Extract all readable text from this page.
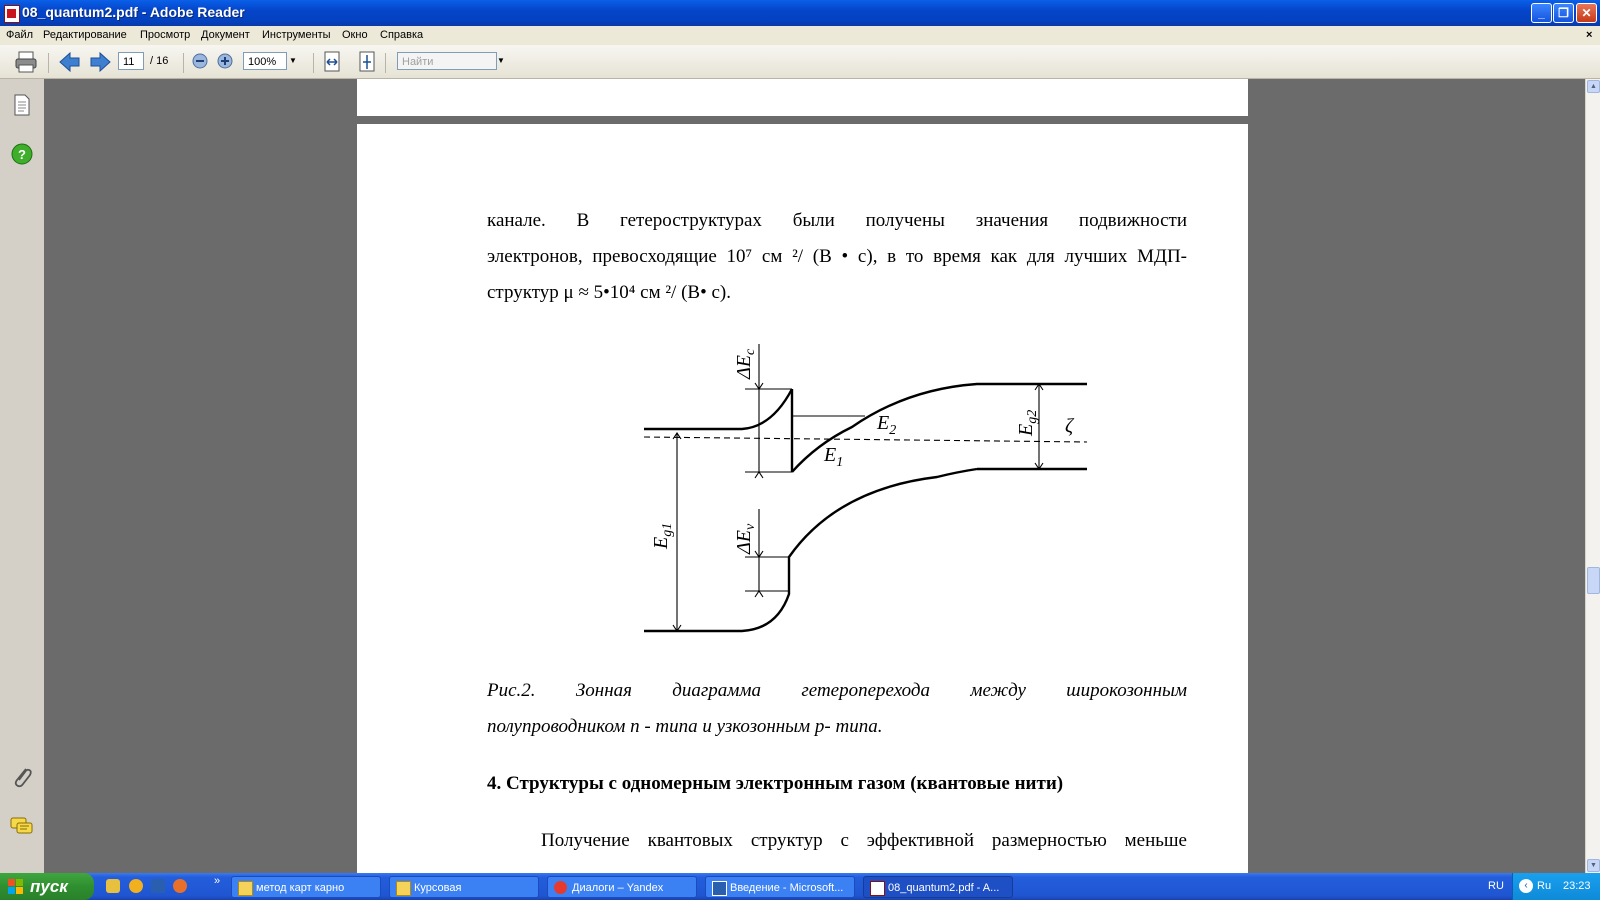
08_quantum2.pdf - Adobe Reader	_	❐	✕
Файл Редактирование Просмотр Документ Инструменты Окно Справка	×
11	/ 16	100%	▼	Найти	▼
?
канале. В гетероструктурах были получены значения подвижности
электронов, превосходящие 10⁷ см ²/ (В • с), в то время как для лучших МДП-
структур μ ≈ 5•10⁴ см ²/ (В• с).
$\Delta E_c$
$E_2$
$E_1$
$E_{g2}$ ζ
$E_{g1}$
$\Delta E_v$
Рис.2. Зонная диаграмма гетероперехода между широкозонным
полупроводником n - типа и узкозонным p- типа.
4. Структуры с одномерным электронным газом (квантовые нити)
Получение квантовых структур с эффективной размерностью меньше
▲
▼
пуск	»
метод карт карно	Курсовая	Диалоги – Yandex	Введение - Microsoft...	08_quantum2.pdf - A...	RU	‹ Ru 23:23
